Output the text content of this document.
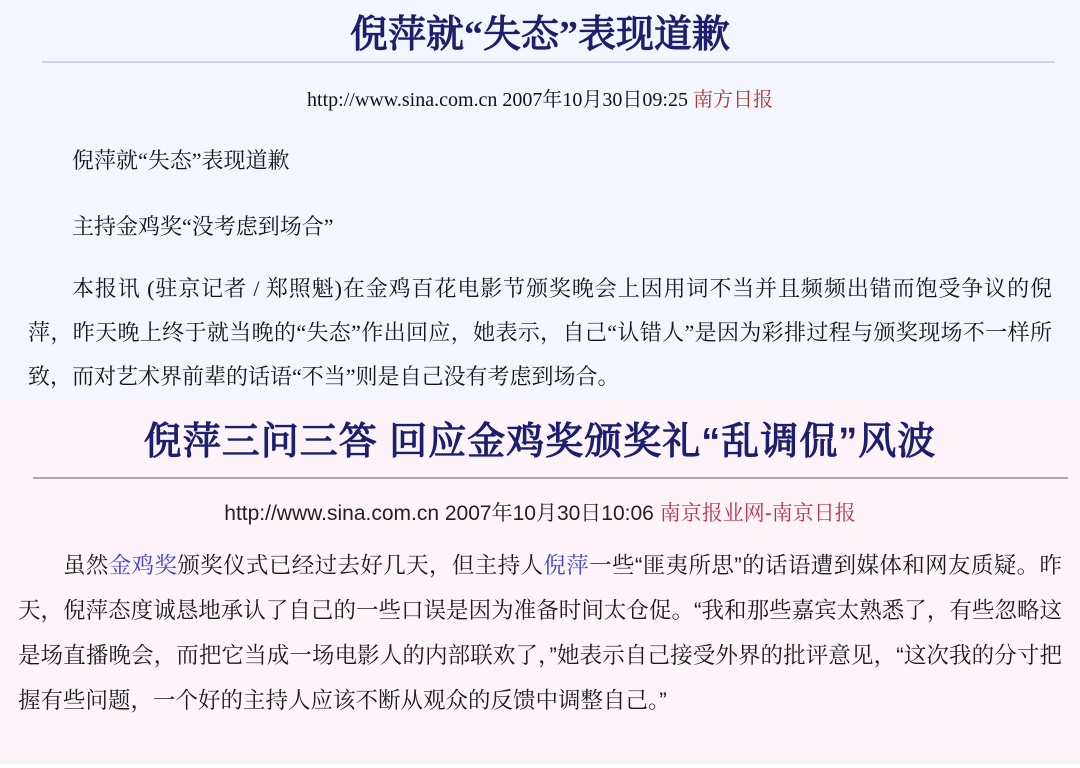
倪萍就“失态”表现道歉
http://www.sina.com.cn 2007年10月30日09:25 南方日报

倪萍就“失态”表现道歉

主持金鸡奖“没考虑到场合”

本报讯 (驻京记者 / 郑照魁)在金鸡百花电影节颁奖晚会上因用词不当并且频频出错而饱受争议的倪萍，昨天晚上终于就当晚的“失态”作出回应，她表示，自己“认错人”是因为彩排过程与颁奖现场不一样所致，而对艺术界前辈的话语“不当”则是自己没有考虑到场合。

倪萍三问三答 回应金鸡奖颁奖礼“乱调侃”风波
http://www.sina.com.cn 2007年10月30日10:06 南京报业网-南京日报

虽然金鸡奖颁奖仪式已经过去好几天，但主持人倪萍一些“匪夷所思”的话语遭到媒体和网友质疑。昨天，倪萍态度诚恳地承认了自己的一些口误是因为准备时间太仓促。“我和那些嘉宾太熟悉了，有些忽略这是场直播晚会，而把它当成一场电影人的内部联欢了，”她表示自己接受外界的批评意见，“这次我的分寸把握有些问题，一个好的主持人应该不断从观众的反馈中调整自己。”
